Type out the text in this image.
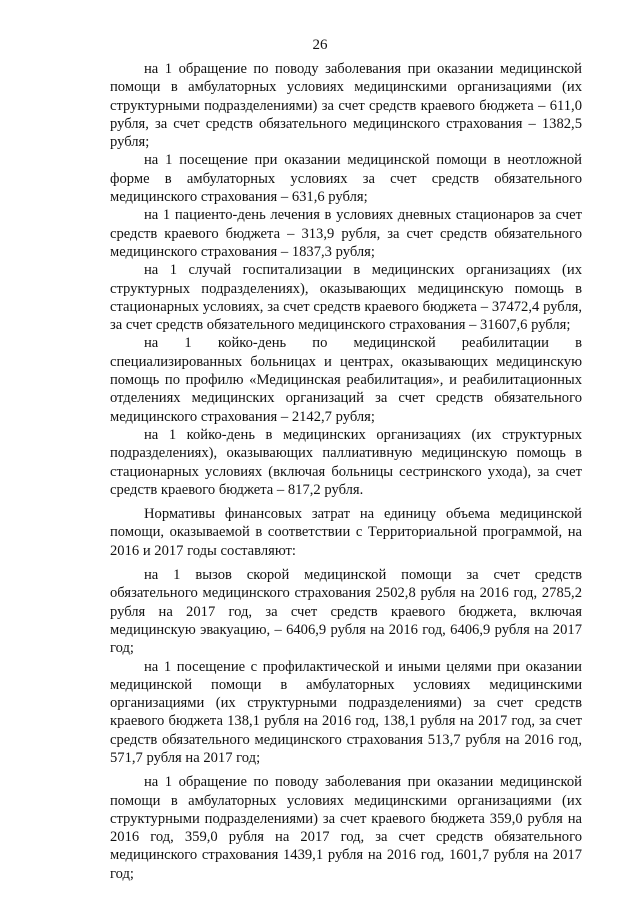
26

на 1 обращение по поводу заболевания при оказании медицинской помощи в амбулаторных условиях медицинскими организациями (их структурными подразделениями) за счет средств краевого бюджета – 611,0 рубля, за счет средств обязательного медицинского страхования – 1382,5 рубля;

на 1 посещение при оказании медицинской помощи в неотложной форме в амбулаторных условиях за счет средств обязательного медицинского страхования – 631,6 рубля;

на 1 пациенто-день лечения в условиях дневных стационаров за счет средств краевого бюджета – 313,9 рубля, за счет средств обязательного медицинского страхования – 1837,3 рубля;

на 1 случай госпитализации в медицинских организациях (их структурных подразделениях), оказывающих медицинскую помощь в стационарных условиях, за счет средств краевого бюджета – 37472,4 рубля, за счет средств обязательного медицинского страхования – 31607,6 рубля;

на 1 койко-день по медицинской реабилитации в специализированных больницах и центрах, оказывающих медицинскую помощь по профилю «Медицинская реабилитация», и реабилитационных отделениях медицинских организаций за счет средств обязательного медицинского страхования – 2142,7 рубля;

на 1 койко-день в медицинских организациях (их структурных подразделениях), оказывающих паллиативную медицинскую помощь в стационарных условиях (включая больницы сестринского ухода), за счет средств краевого бюджета – 817,2 рубля.

Нормативы финансовых затрат на единицу объема медицинской помощи, оказываемой в соответствии с Территориальной программой, на 2016 и 2017 годы составляют:

на 1 вызов скорой медицинской помощи за счет средств обязательного медицинского страхования 2502,8 рубля на 2016 год, 2785,2 рубля на 2017 год, за счет средств краевого бюджета, включая медицинскую эвакуацию, – 6406,9 рубля на 2016 год, 6406,9 рубля на 2017 год;

на 1 посещение с профилактической и иными целями при оказании медицинской помощи в амбулаторных условиях медицинскими организациями (их структурными подразделениями) за счет средств краевого бюджета 138,1 рубля на 2016 год, 138,1 рубля на 2017 год, за счет средств обязательного медицинского страхования 513,7 рубля на 2016 год, 571,7 рубля на 2017 год;

на 1 обращение по поводу заболевания при оказании медицинской помощи в амбулаторных условиях медицинскими организациями (их структурными подразделениями) за счет краевого бюджета 359,0 рубля на 2016 год, 359,0 рубля на 2017 год, за счет средств обязательного медицинского страхования 1439,1 рубля на 2016 год, 1601,7 рубля на 2017 год;
